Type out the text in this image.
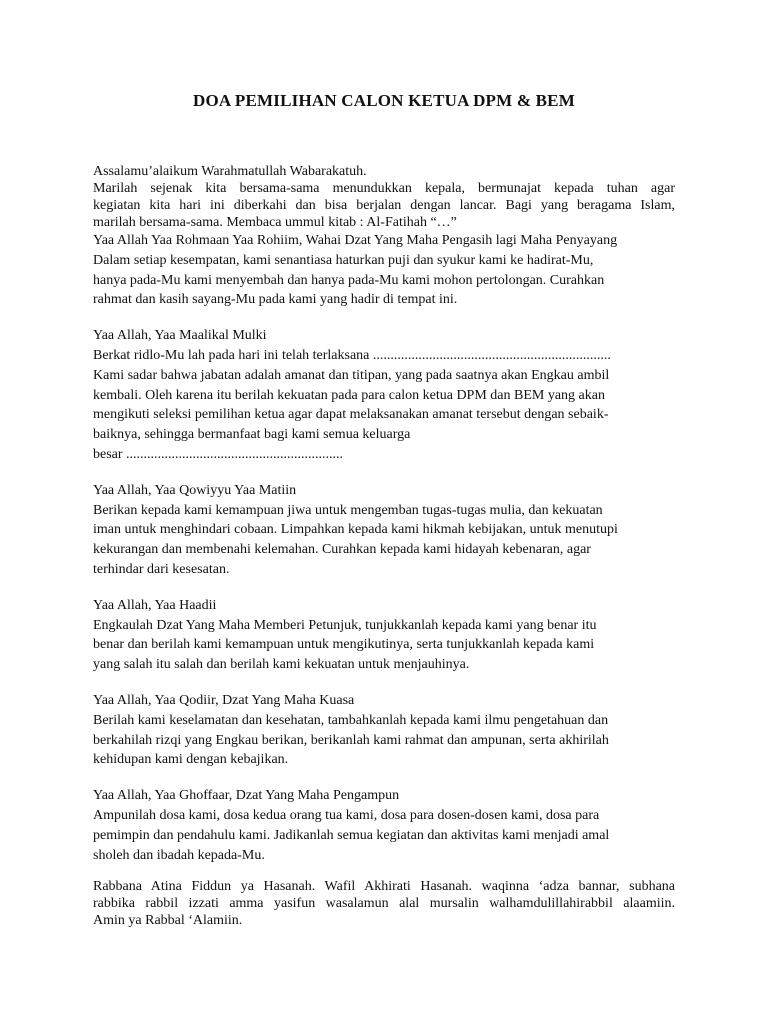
DOA PEMILIHAN CALON KETUA DPM & BEM
Assalamu’alaikum Warahmatullah Wabarakatuh.
Marilah sejenak kita bersama-sama menundukkan kepala, bermunajat kepada tuhan agar
kegiatan kita hari ini diberkahi dan bisa berjalan dengan lancar. Bagi yang beragama Islam,
marilah bersama-sama. Membaca ummul kitab : Al-Fatihah “…”
Yaa Allah Yaa Rohmaan Yaa Rohiim, Wahai Dzat Yang Maha Pengasih lagi Maha Penyayang
Dalam setiap kesempatan, kami senantiasa haturkan puji dan syukur kami ke hadirat-Mu,
hanya pada-Mu kami menyembah dan hanya pada-Mu kami mohon pertolongan. Curahkan
rahmat dan kasih sayang-Mu pada kami yang hadir di tempat ini.
Yaa Allah, Yaa Maalikal Mulki
Berkat ridlo-Mu lah pada hari ini telah terlaksana ....................................................................
Kami sadar bahwa jabatan adalah amanat dan titipan, yang pada saatnya akan Engkau ambil
kembali. Oleh karena itu berilah kekuatan pada para calon ketua DPM dan BEM yang akan
mengikuti seleksi pemilihan ketua agar dapat melaksanakan amanat tersebut dengan sebaik-
baiknya, sehingga bermanfaat bagi kami semua keluarga
besar ..............................................................
Yaa Allah, Yaa Qowiyyu Yaa Matiin
Berikan kepada kami kemampuan jiwa untuk mengemban tugas-tugas mulia, dan kekuatan
iman untuk menghindari cobaan. Limpahkan kepada kami hikmah kebijakan, untuk menutupi
kekurangan dan membenahi kelemahan. Curahkan kepada kami hidayah kebenaran, agar
terhindar dari kesesatan.
Yaa Allah, Yaa Haadii
Engkaulah Dzat Yang Maha Memberi Petunjuk, tunjukkanlah kepada kami yang benar itu
benar dan berilah kami kemampuan untuk mengikutinya, serta tunjukkanlah kepada kami
yang salah itu salah dan berilah kami kekuatan untuk menjauhinya.
Yaa Allah, Yaa Qodiir, Dzat Yang Maha Kuasa
Berilah kami keselamatan dan kesehatan, tambahkanlah kepada kami ilmu pengetahuan dan
berkahilah rizqi yang Engkau berikan, berikanlah kami rahmat dan ampunan, serta akhirilah
kehidupan kami dengan kebajikan.
Yaa Allah, Yaa Ghoffaar, Dzat Yang Maha Pengampun
Ampunilah dosa kami, dosa kedua orang tua kami, dosa para dosen-dosen kami, dosa para
pemimpin dan pendahulu kami. Jadikanlah semua kegiatan dan aktivitas kami menjadi amal
sholeh dan ibadah kepada-Mu.
Rabbana Atina Fiddun ya Hasanah. Wafil Akhirati Hasanah. waqinna ‘adza bannar, subhana
rabbika rabbil izzati amma yasifun wasalamun alal mursalin walhamdulillahirabbil alaamiin.
Amin ya Rabbal ‘Alamiin.
